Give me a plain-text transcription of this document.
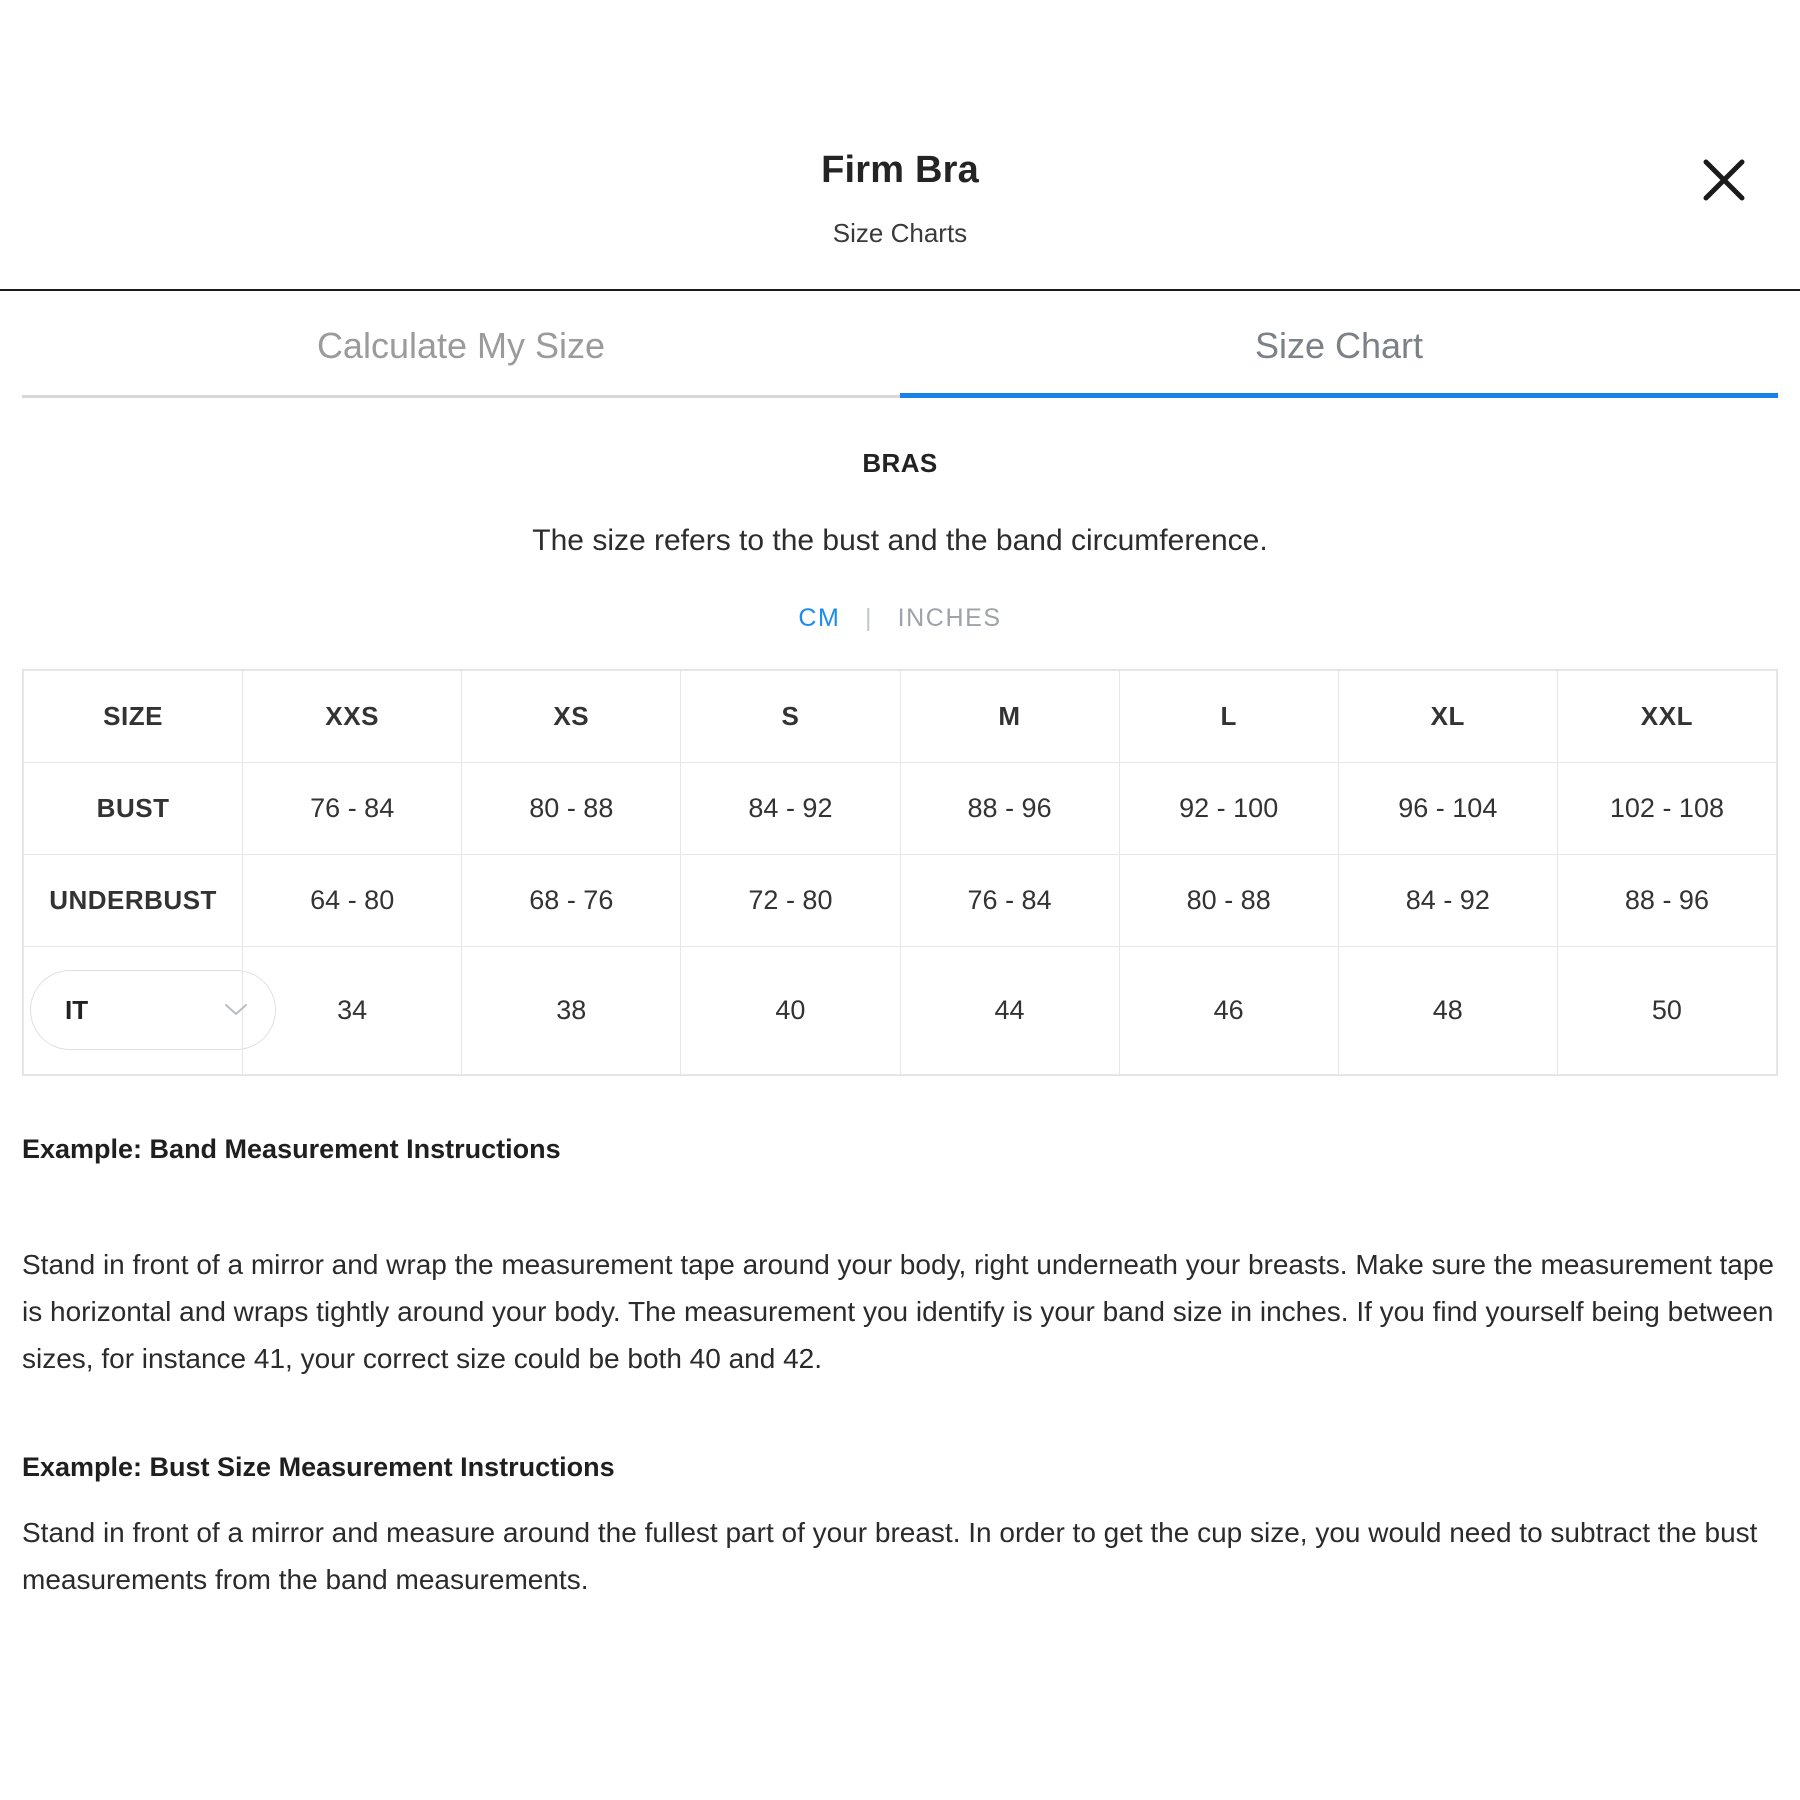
Firm Bra
Size Charts
Calculate My Size	Size Chart
BRAS
The size refers to the bust and the band circumference.
CM | INCHES
SIZE	XXS	XS	S	M	L	XL	XXL
BUST	76 - 84	80 - 88	84 - 92	88 - 96	92 - 100	96 - 104	102 - 108
UNDERBUST	64 - 80	68 - 76	72 - 80	76 - 84	80 - 88	84 - 92	88 - 96

IT	34	38	40	44	46	48	50
Example: Band Measurement Instructions
Stand in front of a mirror and wrap the measurement tape around your body, right underneath your breasts. Make sure the measurement tape is horizontal and wraps tightly around your body. The measurement you identify is your band size in inches. If you find yourself being between sizes, for instance 41, your correct size could be both 40 and 42.
Example: Bust Size Measurement Instructions
Stand in front of a mirror and measure around the fullest part of your breast. In order to get the cup size, you would need to subtract the bust measurements from the band measurements.
